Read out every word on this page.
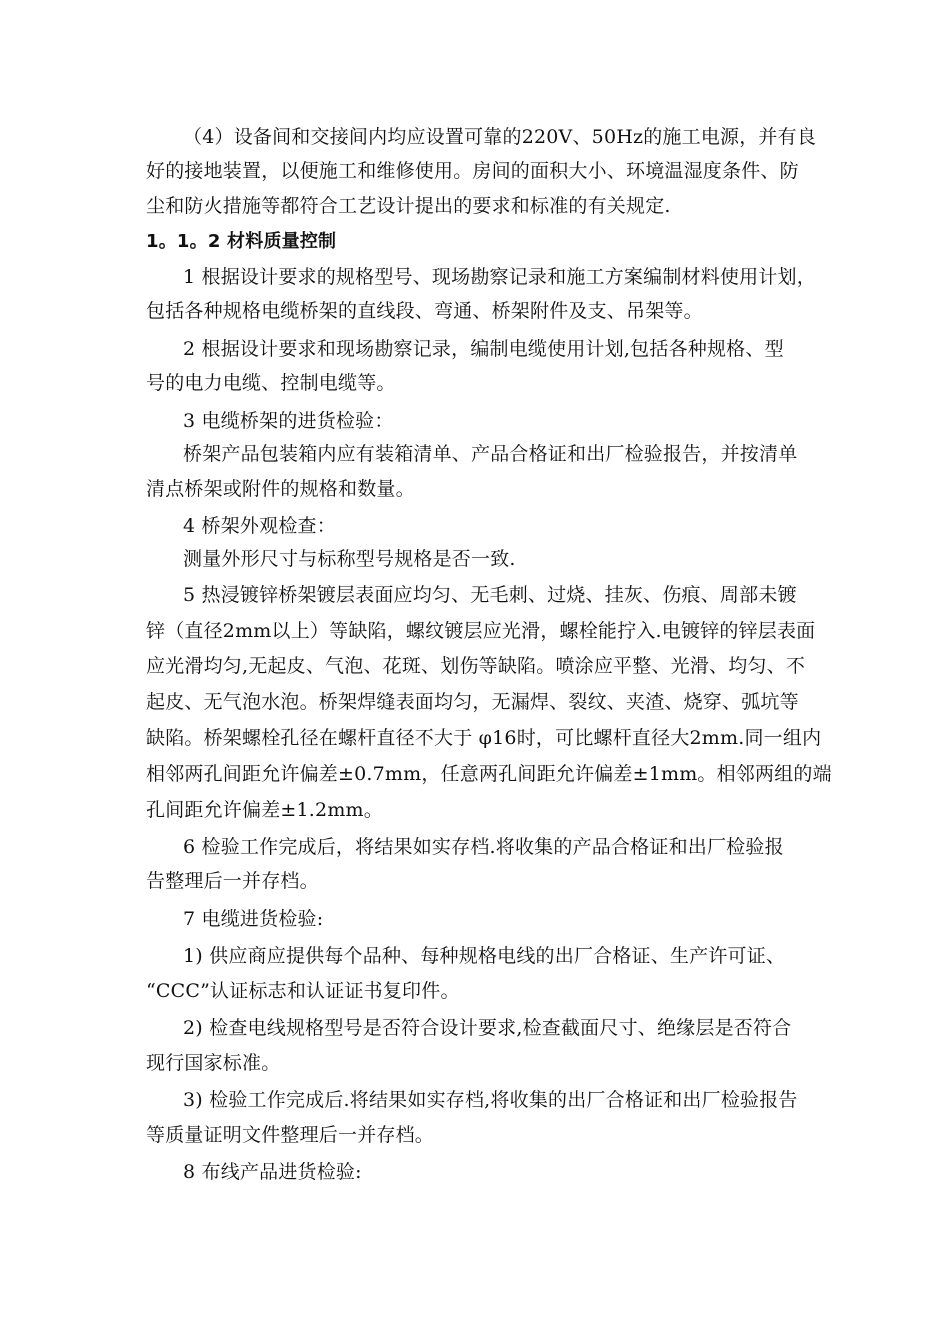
（4）设备间和交接间内均应设置可靠的220V、50Hz的施工电源，并有良
好的接地装置，以便施工和维修使用。房间的面积大小、环境温湿度条件、防
尘和防火措施等都符合工艺设计提出的要求和标准的有关规定.
1。1。2 材料质量控制
1 根据设计要求的规格型号、现场勘察记录和施工方案编制材料使用计划，
包括各种规格电缆桥架的直线段、弯通、桥架附件及支、吊架等。
2 根据设计要求和现场勘察记录，编制电缆使用计划,包括各种规格、型
号的电力电缆、控制电缆等。
3 电缆桥架的进货检验：
桥架产品包装箱内应有装箱清单、产品合格证和出厂检验报告，并按清单
清点桥架或附件的规格和数量。
4 桥架外观检查：
测量外形尺寸与标称型号规格是否一致.
5 热浸镀锌桥架镀层表面应均匀、无毛刺、过烧、挂灰、伤痕、周部未镀
锌（直径2mm以上）等缺陷，螺纹镀层应光滑，螺栓能拧入.电镀锌的锌层表面
应光滑均匀,无起皮、气泡、花斑、划伤等缺陷。喷涂应平整、光滑、均匀、不
起皮、无气泡水泡。桥架焊缝表面均匀，无漏焊、裂纹、夹渣、烧穿、弧坑等
缺陷。桥架螺栓孔径在螺杆直径不大于 φ16时，可比螺杆直径大2mm.同一组内
相邻两孔间距允许偏差±0.7mm，任意两孔间距允许偏差±1mm。相邻两组的端
孔间距允许偏差±1.2mm。
6 检验工作完成后，将结果如实存档.将收集的产品合格证和出厂检验报
告整理后一并存档。
7 电缆进货检验:
1) 供应商应提供每个品种、每种规格电线的出厂合格证、生产许可证、
“CCC”认证标志和认证证书复印件。
2) 检查电线规格型号是否符合设计要求,检查截面尺寸、绝缘层是否符合
现行国家标准。
3) 检验工作完成后.将结果如实存档,将收集的出厂合格证和出厂检验报告
等质量证明文件整理后一并存档。
8 布线产品进货检验:
